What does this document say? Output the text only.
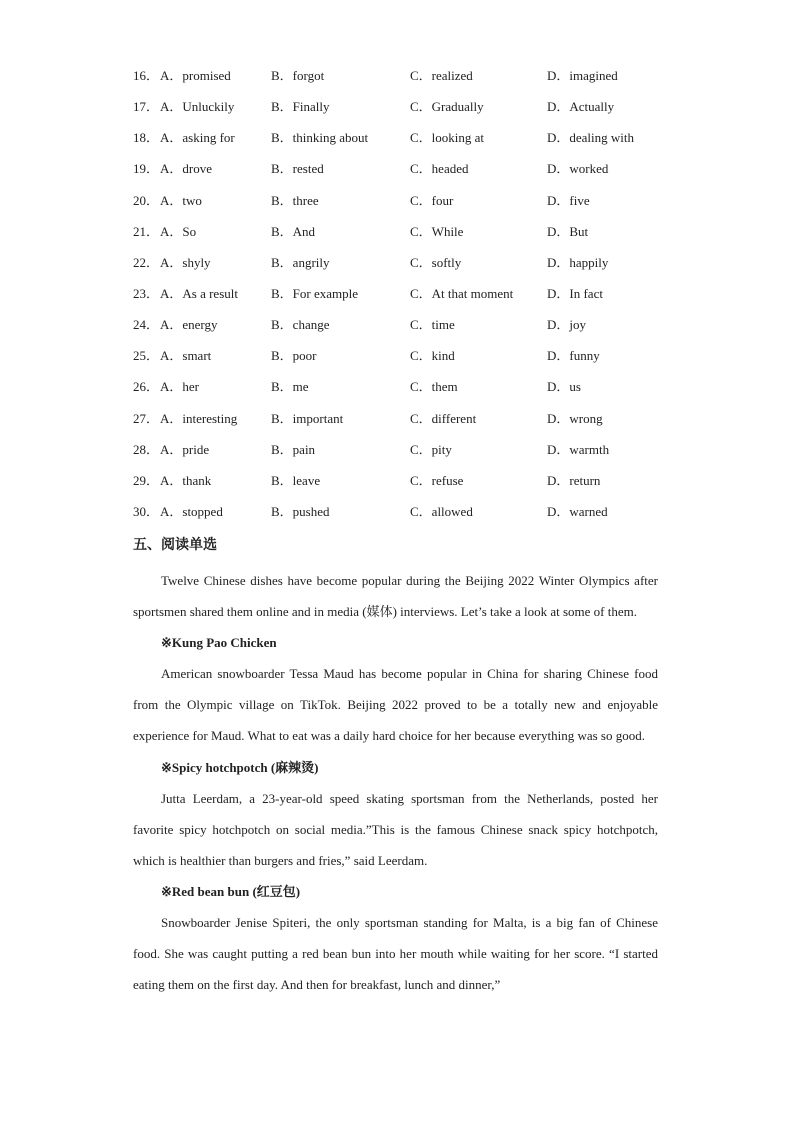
16． A．promised	B．forgot	C．realized	D．imagined
17． A．Unluckily	B．Finally	C．Gradually	D．Actually
18． A．asking for	B．thinking about	C．looking at	D．dealing with
19． A．drove	B．rested	C．headed	D．worked
20． A．two	B．three	C．four	D．five
21． A．So	B．And	C．While	D．But
22． A．shyly	B．angrily	C．softly	D．happily
23． A．As a result	B．For example	C．At that moment	D．In fact
24． A．energy	B．change	C．time	D．joy
25． A．smart	B．poor	C．kind	D．funny
26． A．her	B．me	C．them	D．us
27． A．interesting	B．important	C．different	D．wrong
28． A．pride	B．pain	C．pity	D．warmth
29． A．thank	B．leave	C．refuse	D．return
30． A．stopped	B．pushed	C．allowed	D．warned
五、阅读单选

Twelve Chinese dishes have become popular during the Beijing 2022 Winter Olympics after sportsmen shared them online and in media (媒体) interviews. Let’s take a look at some of them.

※Kung Pao Chicken

American snowboarder Tessa Maud has become popular in China for sharing Chinese food from the Olympic village on TikTok. Beijing 2022 proved to be a totally new and enjoyable experience for Maud. What to eat was a daily hard choice for her because everything was so good.

※Spicy hotchpotch (麻辣烫)

Jutta Leerdam, a 23-year-old speed skating sportsman from the Netherlands, posted her favorite spicy hotchpotch on social media.”This is the famous Chinese snack spicy hotchpotch, which is healthier than burgers and fries,” said Leerdam.

※Red bean bun (红豆包)

Snowboarder Jenise Spiteri, the only sportsman standing for Malta, is a big fan of Chinese food. She was caught putting a red bean bun into her mouth while waiting for her score. “I started eating them on the first day. And then for breakfast, lunch and dinner,”
